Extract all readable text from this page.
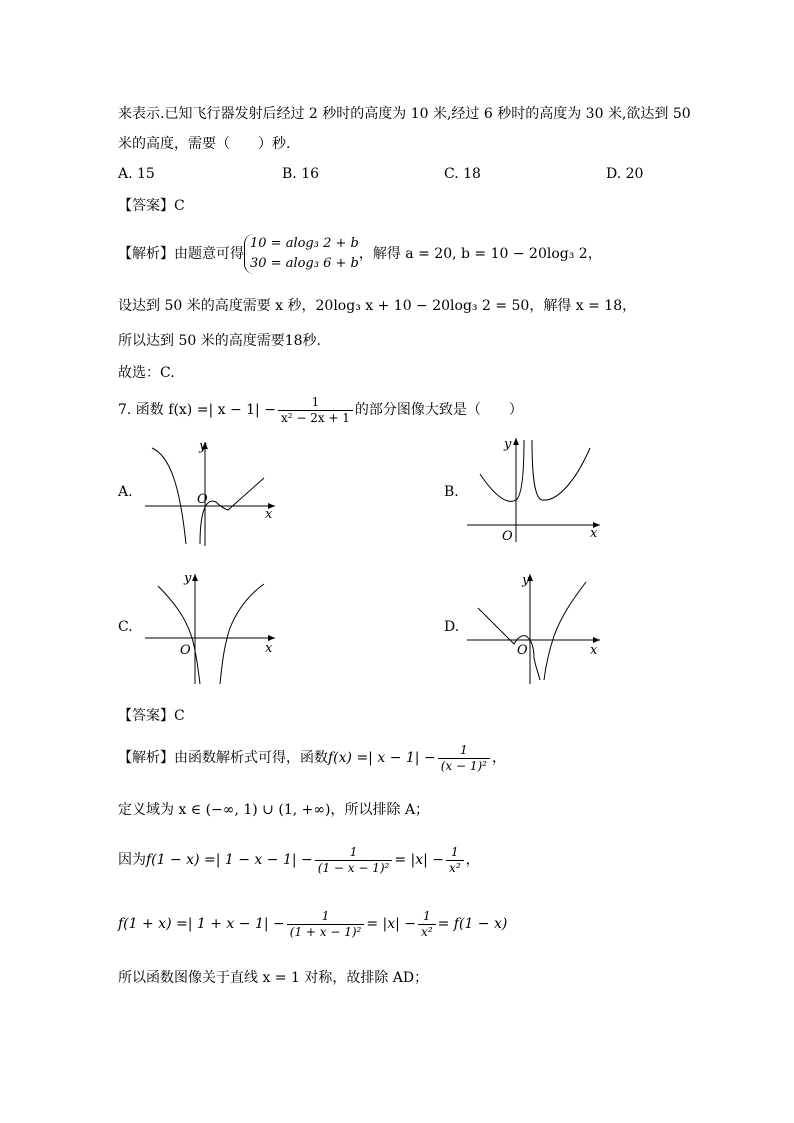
来表示.已知飞行器发射后经过 2 秒时的高度为 10 米,经过 6 秒时的高度为 30 米,欲达到 50
米的高度，需要（　　）秒.
A. 15	B. 16	C. 18	D. 20
【答案】C
【解析】由题意可得
10 = alog₃ 2 + b
30 = alog₃ 6 + b
，解得 a = 20, b = 10 − 20log₃ 2，
设达到 50 米的高度需要 x 秒，20log₃ x + 10 − 20log₃ 2 = 50，解得 x = 18，
所以达到 50 米的高度需要18秒.
故选：C.
7. 函数 f(x) =| $x - 1| - \frac{1}{\text{x² − 2x + 1}}$ 的部分图像大致是（　　）
A.	O
x
y
B.
O	x
y
C.
O	x
y
D.
O	x
y
【答案】C
【解析】由函数解析式可得，函数f(x) =| $x - 1| - \frac{1}{\text{(x − 1)²}}$ ，
定义域为 x ∈ (−∞, 1) ∪ (1, +∞)，所以排除 A；
因为f(1 − x) =| $1 - x - 1| - \frac{1}{\text{(1 − x − 1)²}} = |x| - \frac{1}{\text{x²}}$ ，
f(1 + x) =| $1 + x - 1| - \frac{1}{\text{(1 + x − 1)²}} = |x| - \frac{1}{\text{x²}} = f(1 - x)$
所以函数图像关于直线 x = 1 对称，故排除 AD；
